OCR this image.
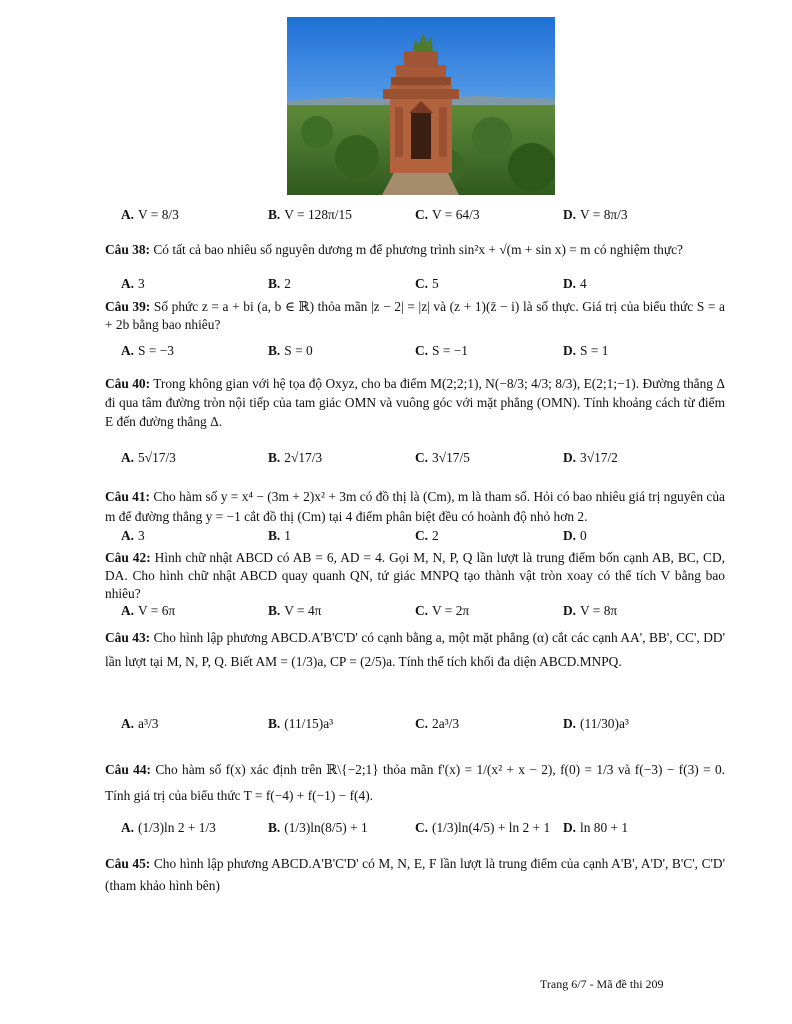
A. V = 8/3	B. V = 128π/15	C. V = 64/3	D. V = 8π/3
Câu 38: Có tất cả bao nhiêu số nguyên dương m để phương trình sin²x + √(m + sin x) = m có nghiệm thực?
A. 3	B. 2	C. 5	D. 4
Câu 39: Số phức z = a + bi (a, b ∈ ℝ) thỏa mãn |z − 2| = |z| và (z + 1)(z̄ − i) là số thực. Giá trị của biểu thức S = a + 2b bằng bao nhiêu?
A. S = −3	B. S = 0	C. S = −1	D. S = 1
Câu 40: Trong không gian với hệ tọa độ Oxyz, cho ba điểm M(2;2;1), N(−8/3; 4/3; 8/3), E(2;1;−1). Đường thẳng Δ đi qua tâm đường tròn nội tiếp của tam giác OMN và vuông góc với mặt phẳng (OMN). Tính khoảng cách từ điểm E đến đường thẳng Δ.
A. 5√17/3	B. 2√17/3	C. 3√17/5	D. 3√17/2
Câu 41: Cho hàm số y = x⁴ − (3m + 2)x² + 3m có đồ thị là (Cm), m là tham số. Hỏi có bao nhiêu giá trị nguyên của m để đường thẳng y = −1 cắt đồ thị (Cm) tại 4 điểm phân biệt đều có hoành độ nhỏ hơn 2.
A. 3	B. 1	C. 2	D. 0
Câu 42: Hình chữ nhật ABCD có AB = 6, AD = 4. Gọi M, N, P, Q lần lượt là trung điểm bốn cạnh AB, BC, CD, DA. Cho hình chữ nhật ABCD quay quanh QN, tứ giác MNPQ tạo thành vật tròn xoay có thể tích V bằng bao nhiêu?
A. V = 6π	B. V = 4π	C. V = 2π	D. V = 8π
Câu 43: Cho hình lập phương ABCD.A'B'C'D' có cạnh bằng a, một mặt phẳng (α) cắt các cạnh AA', BB', CC', DD' lần lượt tại M, N, P, Q. Biết AM = (1/3)a, CP = (2/5)a. Tính thể tích khối đa diện ABCD.MNPQ.
A. a³/3	B. (11/15)a³	C. 2a³/3	D. (11/30)a³
Câu 44: Cho hàm số f(x) xác định trên ℝ\{−2;1} thỏa mãn f'(x) = 1/(x² + x − 2), f(0) = 1/3 và f(−3) − f(3) = 0. Tính giá trị của biểu thức T = f(−4) + f(−1) − f(4).
A. (1/3)ln 2 + 1/3	B. (1/3)ln(8/5) + 1	C. (1/3)ln(4/5) + ln 2 + 1 D. ln 80 + 1
Câu 45: Cho hình lập phương ABCD.A'B'C'D' có M, N, E, F lần lượt là trung điểm của cạnh A'B', A'D', B'C', C'D' (tham khảo hình bên)
Trang 6/7 - Mã đề thi 209
